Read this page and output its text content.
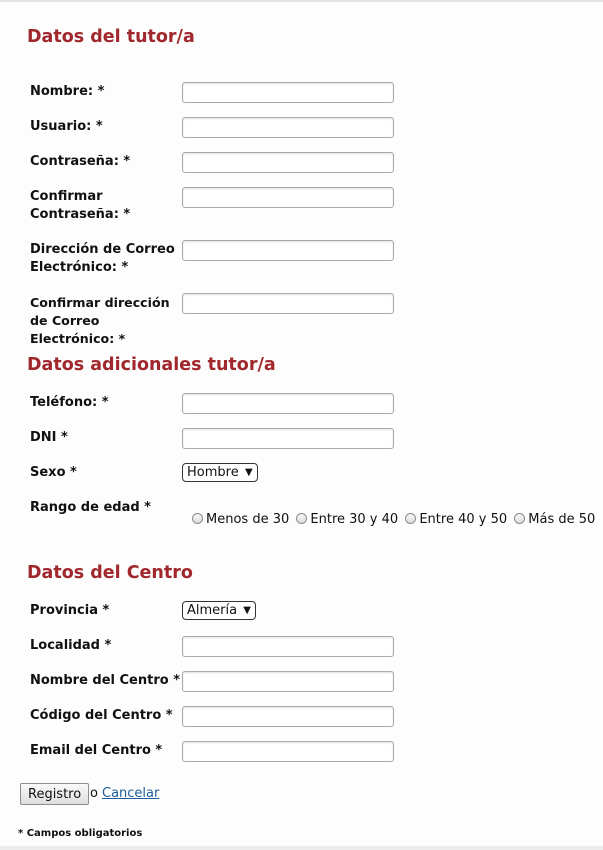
Datos del tutor/a
Nombre: *
Usuario: *
Contraseña: *
Confirmar Contraseña: *
Dirección de Correo Electrónico: *
Confirmar dirección de Correo Electrónico: *
Datos adicionales tutor/a
Teléfono: *
DNI *
Sexo *	Hombre ▼
Rango de edad *
Menos de 30 Entre 30 y 40 Entre 40 y 50 Más de 50
Datos del Centro
Provincia *	Almería ▼
Localidad *
Nombre del Centro *
Código del Centro *
Email del Centro *
Registro o Cancelar
* Campos obligatorios
